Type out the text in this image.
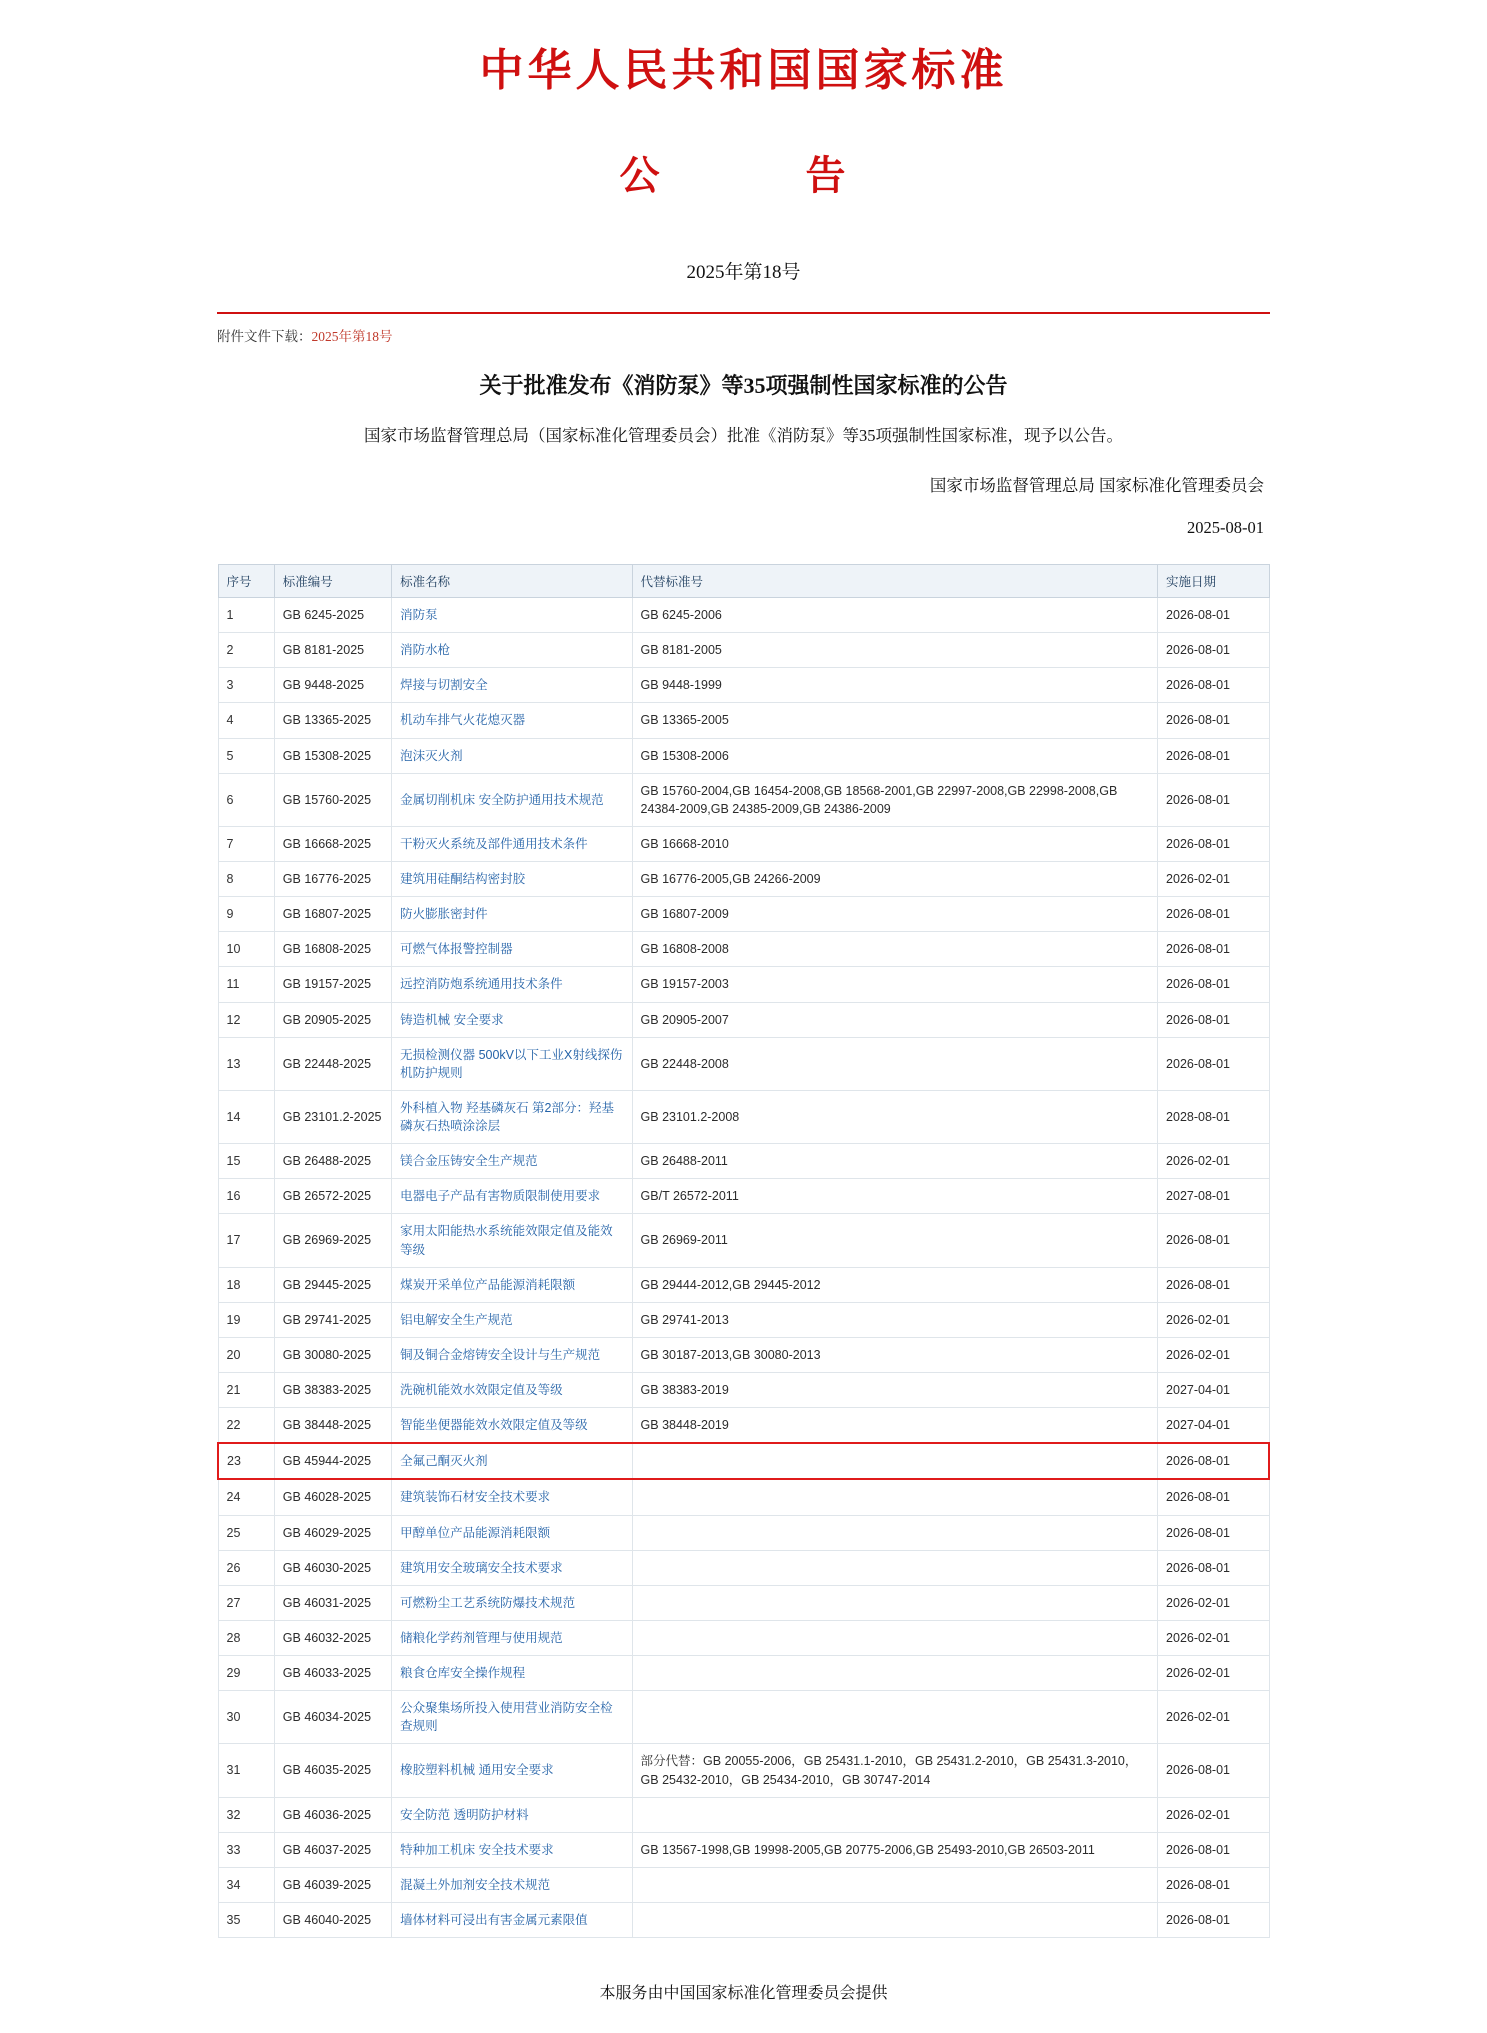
中华人民共和国国家标准
公　　告
2025年第18号
附件文件下载：2025年第18号
关于批准发布《消防泵》等35项强制性国家标准的公告
国家市场监督管理总局（国家标准化管理委员会）批准《消防泵》等35项强制性国家标准，现予以公告。
国家市场监督管理总局 国家标准化管理委员会
2025-08-01
序号	标准编号	标准名称	代替标准号	实施日期
1	GB 6245-2025	消防泵	GB 6245-2006	2026-08-01
2	GB 8181-2025	消防水枪	GB 8181-2005	2026-08-01
3	GB 9448-2025	焊接与切割安全	GB 9448-1999	2026-08-01
4	GB 13365-2025	机动车排气火花熄灭器	GB 13365-2005	2026-08-01
5	GB 15308-2025	泡沫灭火剂	GB 15308-2006	2026-08-01
6	GB 15760-2025	金属切削机床 安全防护通用技术规范	GB 15760-2004,GB 16454-2008,GB 18568-2001,GB 22997-2008,GB 22998-2008,GB 24384-2009,GB 24385-2009,GB 24386-2009	2026-08-01
7	GB 16668-2025	干粉灭火系统及部件通用技术条件	GB 16668-2010	2026-08-01
8	GB 16776-2025	建筑用硅酮结构密封胶	GB 16776-2005,GB 24266-2009	2026-02-01
9	GB 16807-2025	防火膨胀密封件	GB 16807-2009	2026-08-01
10	GB 16808-2025	可燃气体报警控制器	GB 16808-2008	2026-08-01
11	GB 19157-2025	远控消防炮系统通用技术条件	GB 19157-2003	2026-08-01
12	GB 20905-2025	铸造机械 安全要求	GB 20905-2007	2026-08-01
13	GB 22448-2025	无损检测仪器 500kV以下工业X射线探伤机防护规则	GB 22448-2008	2026-08-01
14	GB 23101.2-2025	外科植入物 羟基磷灰石 第2部分：羟基磷灰石热喷涂涂层	GB 23101.2-2008	2028-08-01
15	GB 26488-2025	镁合金压铸安全生产规范	GB 26488-2011	2026-02-01
16	GB 26572-2025	电器电子产品有害物质限制使用要求	GB/T 26572-2011	2027-08-01
17	GB 26969-2025	家用太阳能热水系统能效限定值及能效等级	GB 26969-2011	2026-08-01
18	GB 29445-2025	煤炭开采单位产品能源消耗限额	GB 29444-2012,GB 29445-2012	2026-08-01
19	GB 29741-2025	铝电解安全生产规范	GB 29741-2013	2026-02-01
20	GB 30080-2025	铜及铜合金熔铸安全设计与生产规范	GB 30187-2013,GB 30080-2013	2026-02-01
21	GB 38383-2025	洗碗机能效水效限定值及等级	GB 38383-2019	2027-04-01
22	GB 38448-2025	智能坐便器能效水效限定值及等级	GB 38448-2019	2027-04-01
23	GB 45944-2025	全氟己酮灭火剂		2026-08-01
24	GB 46028-2025	建筑装饰石材安全技术要求		2026-08-01
25	GB 46029-2025	甲醇单位产品能源消耗限额		2026-08-01
26	GB 46030-2025	建筑用安全玻璃安全技术要求		2026-08-01
27	GB 46031-2025	可燃粉尘工艺系统防爆技术规范		2026-02-01
28	GB 46032-2025	储粮化学药剂管理与使用规范		2026-02-01
29	GB 46033-2025	粮食仓库安全操作规程		2026-02-01
30	GB 46034-2025	公众聚集场所投入使用营业消防安全检查规则		2026-02-01
31	GB 46035-2025	橡胶塑料机械 通用安全要求	部分代替：GB 20055-2006，GB 25431.1-2010，GB 25431.2-2010，GB 25431.3-2010，GB 25432-2010，GB 25434-2010，GB 30747-2014	2026-08-01
32	GB 46036-2025	安全防范 透明防护材料		2026-02-01
33	GB 46037-2025	特种加工机床 安全技术要求	GB 13567-1998,GB 19998-2005,GB 20775-2006,GB 25493-2010,GB 26503-2011	2026-08-01
34	GB 46039-2025	混凝土外加剂安全技术规范		2026-08-01
35	GB 46040-2025	墙体材料可浸出有害金属元素限值		2026-08-01
本服务由中国国家标准化管理委员会提供
